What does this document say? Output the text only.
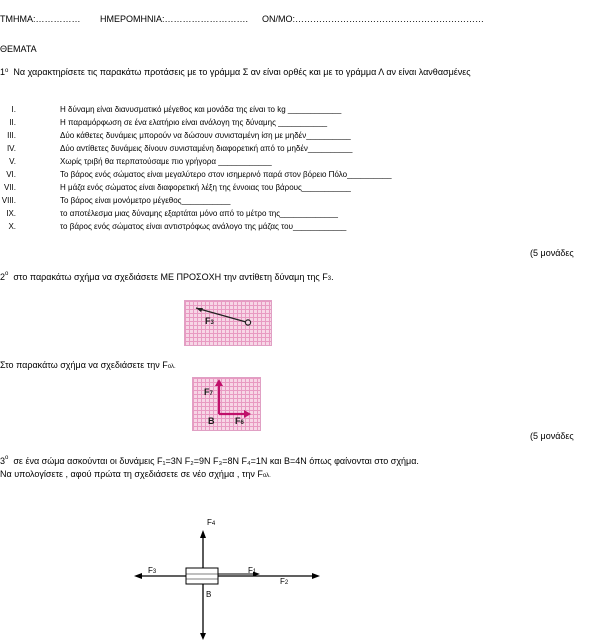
ΤΜΗΜΑ:…………… ΗΜΕΡΟΜΗΝΙΑ:………………………. ΟΝ/ΜΟ:………………………………………………………
ΘΕΜΑΤΑ
$1^o$ Να χαρακτηρίσετε τις παρακάτω προτάσεις με το γράμμα Σ αν είναι ορθές και με το γράμμα Λ αν είναι λανθασμένες
I.	Η δύναμη είναι διανυσματικό μέγεθος και μονάδα της είναι το kg ____________
II.	Η παραμόρφωση σε ένα ελατήριο είναι ανάλογη της δύναμης ___________
III.	Δύο κάθετες δυνάμεις μπορούν να δώσουν συνισταμένη ίση με μηδέν__________
IV.	Δύο αντίθετες δυνάμεις δίνουν συνισταμένη διαφορετική από το μηδέν__________
V.	Χωρίς τριβή θα περπατούσαμε πιο γρήγορα ____________
VI.	Το βάρος ενός σώματος είναι μεγαλύτερο στον ισημερινό παρά στον βόρειο Πόλο__________
VII.	Η μάζα ενός σώματος είναι διαφορετική λέξη της έννοιας του βάρους___________
VIII.	Το βάρος είναι μονόμετρο μέγεθος___________
IX.	το αποτέλεσμα μιας δύναμης εξαρτάται μόνο από το μέτρο της_____________
X.	το βάρος ενός σώματος είναι αντιστρόφως ανάλογο της μάζας του____________
(5 μονάδες
$2^o$ στο παρακάτω σχήμα να σχεδιάσετε ΜΕ ΠΡΟΣΟΧΗ την αντίθετη δύναμη της F3.
F3
Στο παρακάτω σχήμα να σχεδιάσετε την Fολ.
F7
B F6
(5 μονάδες
$3^o$ σε ένα σώμα ασκούνται οι δυνάμεις F₁=3N F₂=9N F₃=8N F₄=1N και B=4N όπως φαίνονται στο σχήμα.
Να υπολογίσετε , αφού πρώτα τη σχεδιάσετε σε νέο σχήμα , την Fολ.
F4
F3	F1
F2
B
